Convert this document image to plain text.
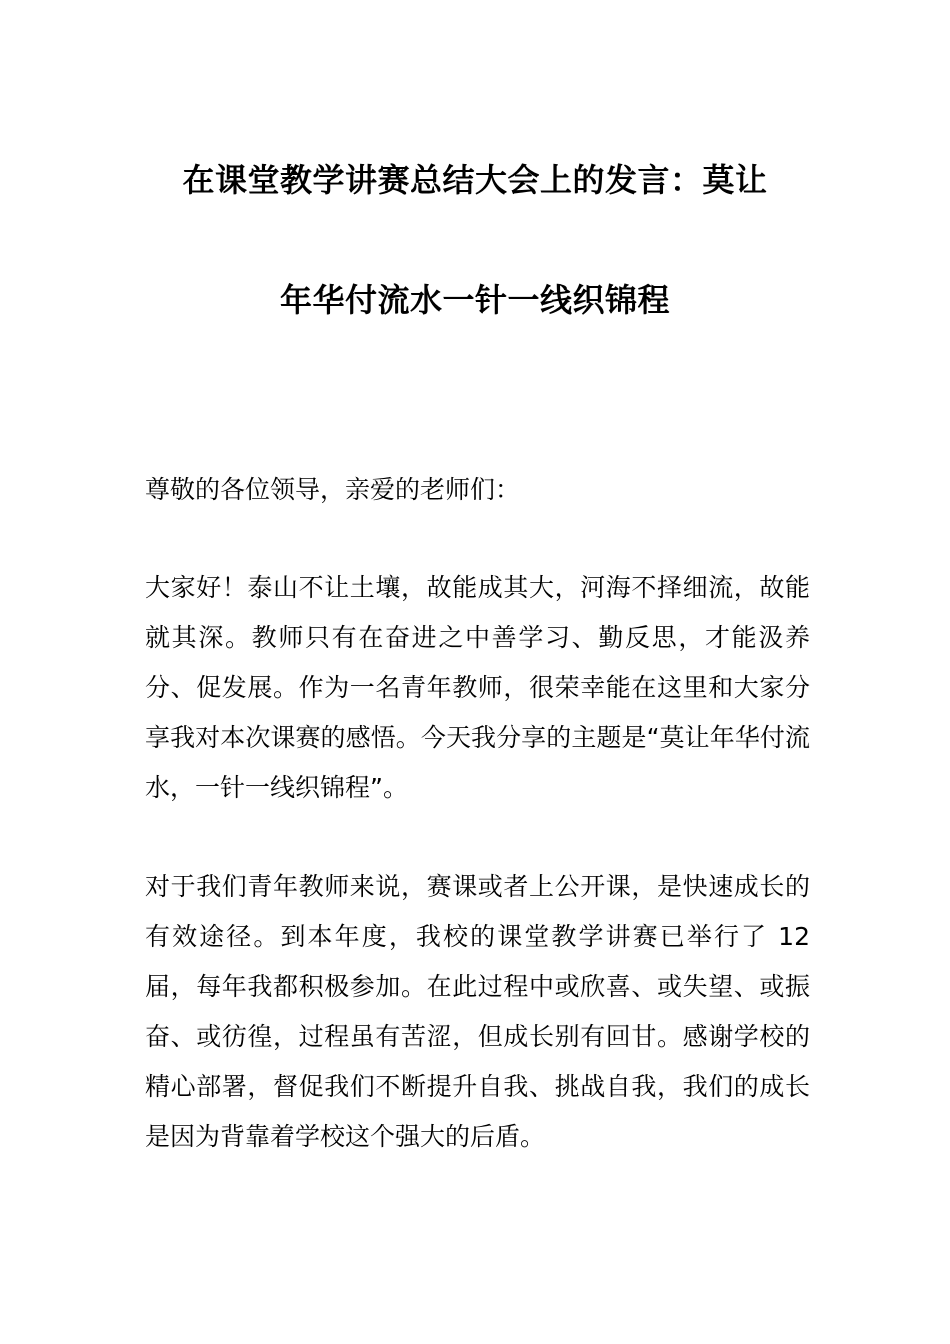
在课堂教学讲赛总结大会上的发言：莫让
年华付流水一针一线织锦程
尊敬的各位领导，亲爱的老师们：
大家好！泰山不让土壤，故能成其大，河海不择细流，故能就其深。教师只有在奋进之中善学习、勤反思，才能汲养分、促发展。作为一名青年教师，很荣幸能在这里和大家分享我对本次课赛的感悟。今天我分享的主题是“莫让年华付流水，一针一线织锦程”。
对于我们青年教师来说，赛课或者上公开课，是快速成长的有效途径。到本年度，我校的课堂教学讲赛已举行了 12 届，每年我都积极参加。在此过程中或欣喜、或失望、或振奋、或彷徨，过程虽有苦涩，但成长别有回甘。感谢学校的精心部署，督促我们不断提升自我、挑战自我，我们的成长是因为背靠着学校这个强大的后盾。
